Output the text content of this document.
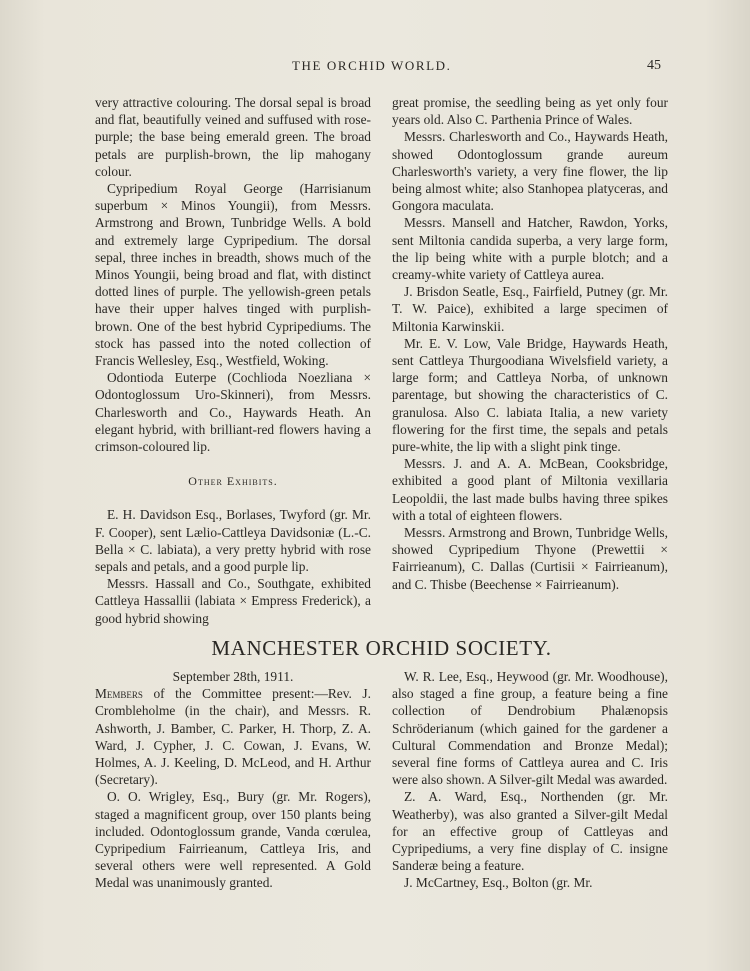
THE ORCHID WORLD.	45

very attractive colouring. The dorsal sepal is broad and flat, beautifully veined and suffused with rose-purple; the base being emerald green. The broad petals are purplish-brown, the lip mahogany colour.

Cypripedium Royal George (Harrisianum superbum × Minos Youngii), from Messrs. Armstrong and Brown, Tunbridge Wells. A bold and extremely large Cypripedium. The dorsal sepal, three inches in breadth, shows much of the Minos Youngii, being broad and flat, with distinct dotted lines of purple. The yellowish-green petals have their upper halves tinged with purplish-brown. One of the best hybrid Cypripediums. The stock has passed into the noted collection of Francis Wellesley, Esq., Westfield, Woking.

Odontioda Euterpe (Cochlioda Noezliana × Odontoglossum Uro-Skinneri), from Messrs. Charlesworth and Co., Haywards Heath. An elegant hybrid, with brilliant-red flowers having a crimson-coloured lip.

Other Exhibits.

E. H. Davidson Esq., Borlases, Twyford (gr. Mr. F. Cooper), sent Lælio-Cattleya Davidsoniæ (L.-C. Bella × C. labiata), a very pretty hybrid with rose sepals and petals, and a good purple lip.

Messrs. Hassall and Co., Southgate, exhibited Cattleya Hassallii (labiata × Empress Frederick), a good hybrid showing

great promise, the seedling being as yet only four years old. Also C. Parthenia Prince of Wales.

Messrs. Charlesworth and Co., Haywards Heath, showed Odontoglossum grande aureum Charlesworth's variety, a very fine flower, the lip being almost white; also Stanhopea platyceras, and Gongora maculata.

Messrs. Mansell and Hatcher, Rawdon, Yorks, sent Miltonia candida superba, a very large form, the lip being white with a purple blotch; and a creamy-white variety of Cattleya aurea.

J. Brisdon Seatle, Esq., Fairfield, Putney (gr. Mr. T. W. Paice), exhibited a large specimen of Miltonia Karwinskii.

Mr. E. V. Low, Vale Bridge, Haywards Heath, sent Cattleya Thurgoodiana Wivelsfield variety, a large form; and Cattleya Norba, of unknown parentage, but showing the characteristics of C. granulosa. Also C. labiata Italia, a new variety flowering for the first time, the sepals and petals pure-white, the lip with a slight pink tinge.

Messrs. J. and A. A. McBean, Cooksbridge, exhibited a good plant of Miltonia vexillaria Leopoldii, the last made bulbs having three spikes with a total of eighteen flowers.

Messrs. Armstrong and Brown, Tunbridge Wells, showed Cypripedium Thyone (Prewettii × Fairrieanum), C. Dallas (Curtisii × Fairrieanum), and C. Thisbe (Beechense × Fairrieanum).

MANCHESTER ORCHID SOCIETY.

September 28th, 1911.

Members of the Committee present:—Rev. J. Crombleholme (in the chair), and Messrs. R. Ashworth, J. Bamber, C. Parker, H. Thorp, Z. A. Ward, J. Cypher, J. C. Cowan, J. Evans, W. Holmes, A. J. Keeling, D. McLeod, and H. Arthur (Secretary).

O. O. Wrigley, Esq., Bury (gr. Mr. Rogers), staged a magnificent group, over 150 plants being included. Odontoglossum grande, Vanda cœrulea, Cypripedium Fairrieanum, Cattleya Iris, and several others were well represented. A Gold Medal was unanimously granted.

W. R. Lee, Esq., Heywood (gr. Mr. Woodhouse), also staged a fine group, a feature being a fine collection of Dendrobium Phalænopsis Schröderianum (which gained for the gardener a Cultural Commendation and Bronze Medal); several fine forms of Cattleya aurea and C. Iris were also shown. A Silver-gilt Medal was awarded.

Z. A. Ward, Esq., Northenden (gr. Mr. Weatherby), was also granted a Silver-gilt Medal for an effective group of Cattleyas and Cypripediums, a very fine display of C. insigne Sanderæ being a feature.

J. McCartney, Esq., Bolton (gr. Mr.
